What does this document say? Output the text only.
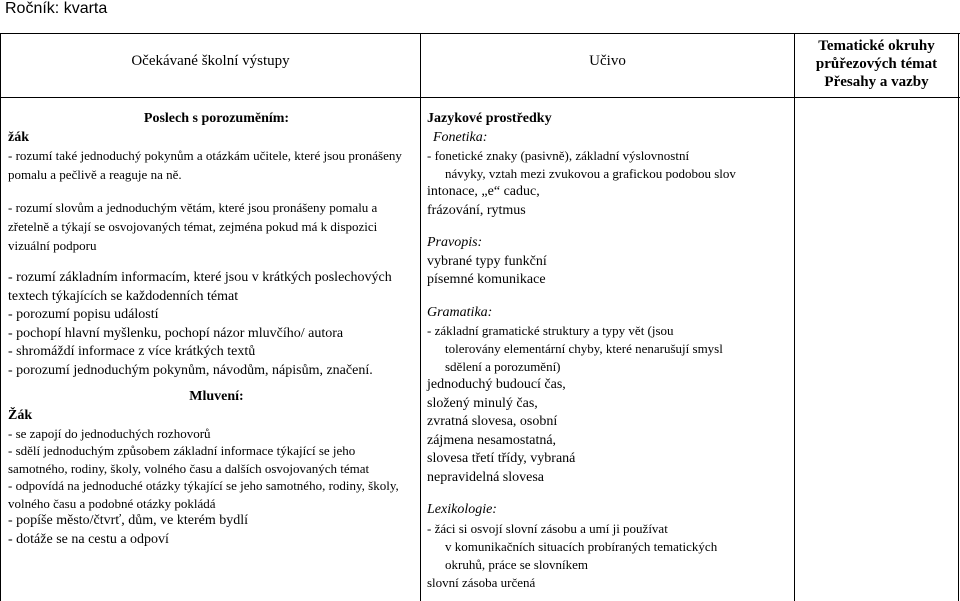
Ročník: kvarta
Očekávané školní výstupy	Učivo
Tematické okruhy
průřezových témat
Přesahy a vazby

Poslech s porozuměním:

žák

- rozumí také jednoduchý pokynům a otázkám učitele, které jsou pronášeny pomalu a pečlivě a reaguje na ně.

- rozumí slovům a jednoduchým větám, které jsou pronášeny pomalu a zřetelně a týkají se osvojovaných témat, zejména pokud má k dispozici vizuální podporu

- rozumí základním informacím, které jsou v krátkých poslechových textech týkajících se každodenních témat

- porozumí popisu událostí

- pochopí hlavní myšlenku, pochopí názor mluvčího/ autora

- shromáždí informace z více krátkých textů

- porozumí jednoduchým pokynům, návodům, nápisům, značení.

Mluvení:

Žák

- se zapojí do jednoduchých rozhovorů

- sdělí jednoduchým způsobem základní informace týkající se jeho samotného, rodiny, školy, volného času a dalších osvojovaných témat

- odpovídá na jednoduché otázky týkající se jeho samotného, rodiny, školy, volného času a podobné otázky pokládá

- popíše město/čtvrť, dům, ve kterém bydlí

- dotáže se na cestu a odpoví

Jazykové prostředky

Fonetika:

- fonetické znaky (pasivně), základní výslovnostní

návyky, vztah mezi zvukovou a grafickou podobou slov

intonace, „e“ caduc,

frázování, rytmus

Pravopis:

vybrané typy funkční

písemné komunikace

Gramatika:

- základní gramatické struktury a typy vět (jsou

tolerovány elementární chyby, které nenarušují smysl

sdělení a porozumění)

jednoduchý budoucí čas,

složený minulý čas,

zvratná slovesa, osobní

zájmena nesamostatná,

slovesa třetí třídy, vybraná

nepravidelná slovesa

Lexikologie:

- žáci si osvojí slovní zásobu a umí ji používat

v komunikačních situacích probíraných tematických

okruhů, práce se slovníkem

slovní zásoba určená
